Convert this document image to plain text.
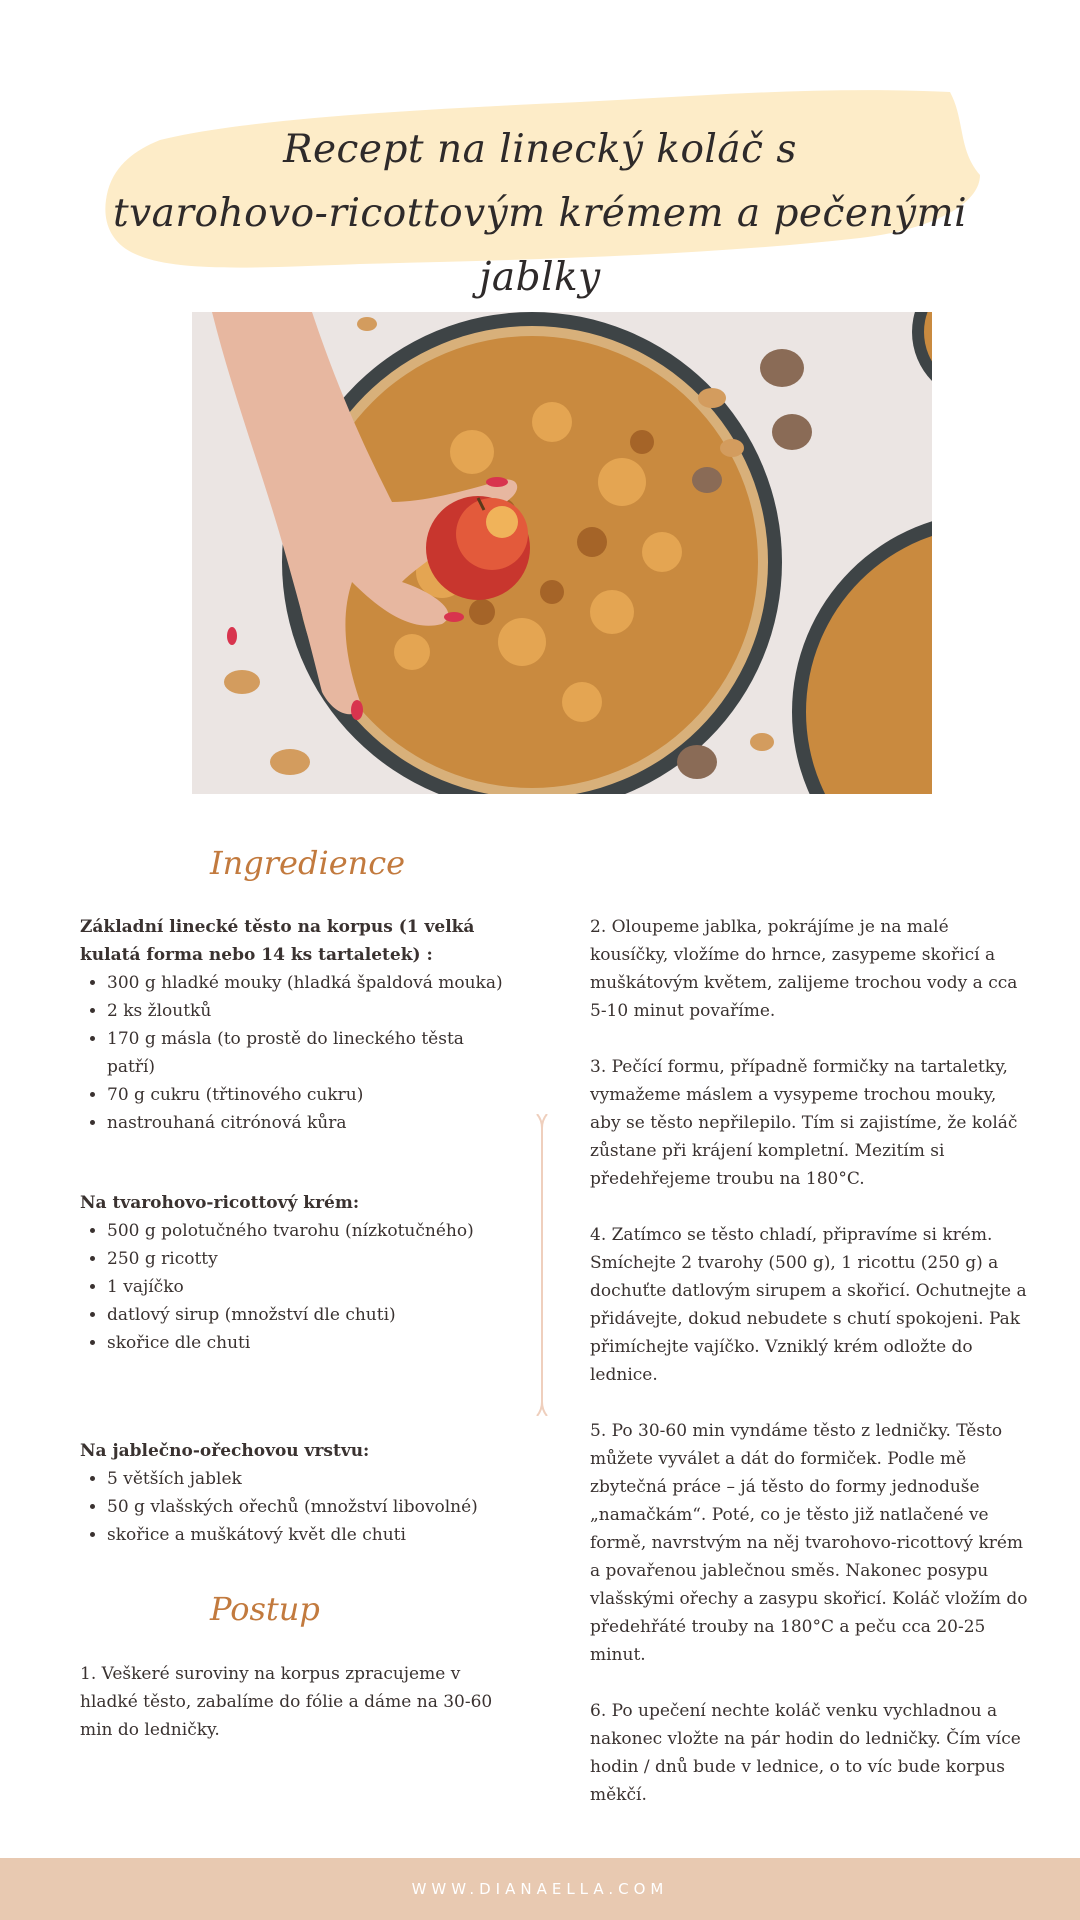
Recept na linecký koláč s
tvarohovo-ricottovým krémem a pečenými jablky
Ingredience

Základní linecké těsto na korpus (1 velká kulatá forma nebo 14 ks tartaletek) :

• 300 g hladké mouky (hladká špaldová mouka)
• 2 ks žloutků
• 170 g másla (to prostě do lineckého těsta patří)
• 70 g cukru (třtinového cukru)
• nastrouhaná citrónová kůra

Na tvarohovo-ricottový krém:

• 500 g polotučného tvarohu (nízkotučného)
• 250 g ricotty
• 1 vajíčko
• datlový sirup (množství dle chuti)
• skořice dle chuti

Na jablečno-ořechovou vrstvu:

• 5 větších jablek
• 50 g vlašských ořechů (množství libovolné)
• skořice a muškátový květ dle chuti
Postup

1. Veškeré suroviny na korpus zpracujeme v hladké těsto, zabalíme do fólie a dáme na 30-60 min do ledničky.

2. Oloupeme jablka, pokrájíme je na malé kousíčky, vložíme do hrnce, zasypeme skořicí a muškátovým květem, zalijeme trochou vody a cca 5-10 minut povaříme.

3. Pečící formu, případně formičky na tartaletky, vymažeme máslem a vysypeme trochou mouky, aby se těsto nepřilepilo. Tím si zajistíme, že koláč zůstane při krájení kompletní. Mezitím si předehřejeme troubu na 180°C.

4. Zatímco se těsto chladí, připravíme si krém. Smíchejte 2 tvarohy (500 g), 1 ricottu (250 g) a dochuťte datlovým sirupem a skořicí. Ochutnejte a přidávejte, dokud nebudete s chutí spokojeni. Pak přimíchejte vajíčko. Vzniklý krém odložte do lednice.

5. Po 30-60 min vyndáme těsto z ledničky. Těsto můžete vyválet a dát do formiček. Podle mě zbytečná práce – já těsto do formy jednoduše „namačkám“. Poté, co je těsto již natlačené ve formě, navrstvým na něj tvarohovo-ricottový krém a povařenou jablečnou směs. Nakonec posypu vlašskými ořechy a zasypu skořicí. Koláč vložím do předehřáté trouby na 180°C a peču cca 20-25 minut.

6. Po upečení nechte koláč venku vychladnou a nakonec vložte na pár hodin do ledničky. Čím více hodin / dnů bude v lednice, o to víc bude korpus měkčí.

WWW.DIANAELLA.COM
